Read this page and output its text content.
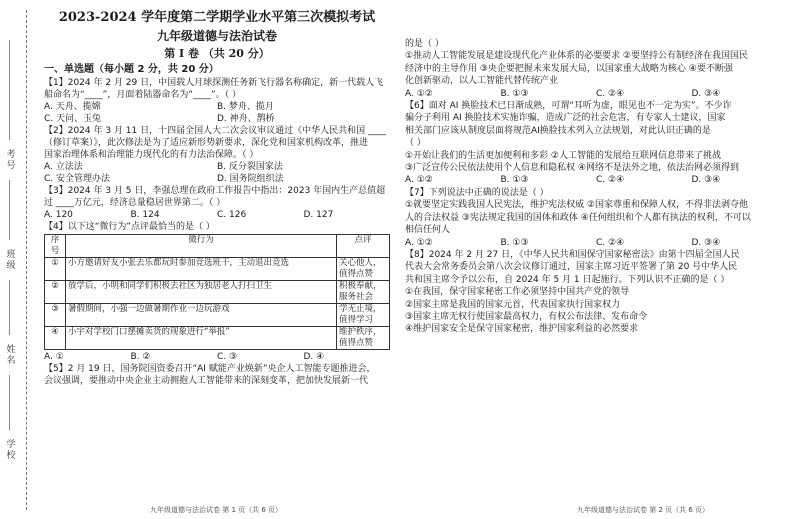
考号
班级
姓名
学校
2023-2024 学年度第二学期学业水平第三次模拟考试
九年级道德与法治试卷
第 I 卷 （共 20 分）
一、单选题（每小题 2 分，共 20 分）

【1】2024 年 2 月 29 日，中国载人月球探测任务新飞行器名称确定，新一代载人飞

船命名为“____”，月面着陆器命名为“____”。（ ）

A. 天舟、揽嫦	B. 梦舟、揽月
C. 天问、玉兔	D. 神舟、鹊桥

【2】2024 年 3 月 11 日，十四届全国人大二次会议审议通过《中华人民共和国 ____

（修订草案）》，此次修法是为了适应新形势新要求，深化党和国家机构改革，推进

国家治理体系和治理能力现代化的有力法治保障。（ ）

A. 立法法	B. 反分裂国家法
C. 安全管理办法	D. 国务院组织法

【3】2024 年 3 月 5 日，李强总理在政府工作报告中指出：2023 年国内生产总值超

过 ____万亿元，经济总量稳居世界第二。（ ）

A. 120	B. 124	C. 126	D. 127

【4】以下这“微行为”点评最恰当的是（ ）

序号	微行为	点评
①	小方邀请好友小张去乐都玩时参加竞选班干，主动退出竞选	关心他人，值得点赞
②	放学后，小明和同学们积极去社区为独居老人打扫卫生	积极奉献，服务社会
③	暑假期间，小强一边做暑期作业一边玩游戏	学无止境，值得学习
④	小宇对学校门口摆摊卖货的现象进行“举报”	维护秩序，值得点赞
A. ①	B. ②	C. ③	D. ④

【5】2 月 19 日，国务院国资委召开“AI 赋能产业焕新”央企人工智能专题推进会，

会议强调，要推动中央企业主动拥抱人工智能带来的深刻变革，把加快发展新一代

九年级道德与法治试卷 第 1 页（共 6 页）

的是（ ）

①推动人工智能发展是建设现代化产业体系的必要要求 ②要坚持公有制经济在我国国民

经济中的主导作用 ③央企要把握未来发展大局，以国家重大战略为核心 ④要不断强

化创新驱动，以人工智能代替传统产业

A. ①②	B. ①③	C. ②④	D. ③④

【6】面对 AI 换脸技术已日渐成熟，可谓“耳听为虚，眼见也不一定为实”。不少诈

骗分子利用 AI 换脸技术实施诈骗，造成广泛的社会危害，有专家人士建议，国家

相关部门应该从制度层面将规范AI换脸技术列入立法规划，对此认识正确的是

（ ）

①开始让我们的生活更加便利和多彩 ②人工智能的发展给互联网信息带来了挑战

③广泛宣传公民依法使用个人信息和隐私权 ④网络不是法外之地，依法治网必须得到

A. ①②	B. ①③	C. ②④	D. ③④

【7】下列说法中正确的说法是（ ）

①就要坚定实践我国人民宪法，维护宪法权威 ②国家尊重和保障人权，不得非法剥夺他

人的合法权益 ③宪法规定我国的国体和政体 ④任何组织和个人都有执法的权利，不可以

相信任何人

A. ①②	B. ①③	C. ②④	D. ③④

【8】2024 年 2 月 27 日，《中华人民共和国保守国家秘密法》由第十四届全国人民

代表大会常务委员会第八次会议修订通过，国家主席习近平签署了第 20 号中华人民

共和国主席令予以公布，自 2024 年 5 月 1 日起施行。下列认识不正确的是（ ）

①在我国，保守国家秘密工作必须坚持中国共产党的领导

②国家主席是我国的国家元首，代表国家执行国家权力

③国家主席无权行使国家最高权力，有权公布法律、发布命令

④维护国家安全是保守国家秘密，维护国家利益的必然要求

九年级道德与法治试卷 第 2 页（共 6 页）
